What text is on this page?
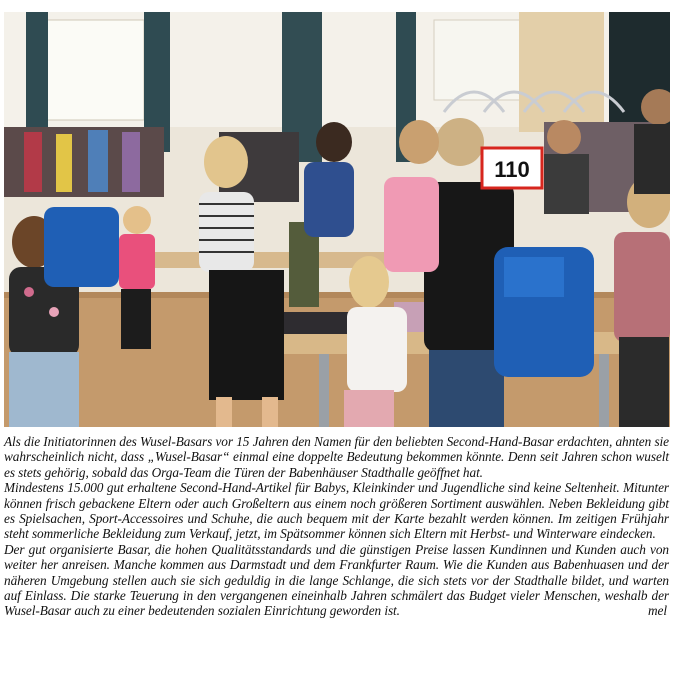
110

Als die Initiatorinnen des Wusel-Basars vor 15 Jahren den Namen für den beliebten Second-Hand-Basar erdachten, ahnten sie wahrscheinlich nicht, dass „Wusel-Basar“ einmal eine doppelte Bedeutung bekommen könnte. Denn seit Jahren schon wuselt es stets gehörig, sobald das Orga-Team die Türen der Babenhäuser Stadthalle geöffnet hat.

Mindestens 15.000 gut erhaltene Second-Hand-Artikel für Babys, Kleinkinder und Jugendliche sind keine Seltenheit. Mitunter können frisch gebackene Eltern oder auch Großeltern aus einem noch größeren Sortiment auswählen. Neben Bekleidung gibt es Spielsachen, Sport-Accessoires und Schuhe, die auch bequem mit der Karte bezahlt werden können. Im zeitigen Frühjahr steht sommerliche Bekleidung zum Verkauf, jetzt, im Spätsommer können sich Eltern mit Herbst- und Winterware eindecken.

Der gut organisierte Basar, die hohen Qualitätsstandards und die günstigen Preise lassen Kundinnen und Kunden auch von weiter her anreisen. Manche kommen aus Darmstadt und dem Frankfurter Raum. Wie die Kunden aus Babenhuasen und der näheren Umgebung stellen auch sie sich geduldig in die lange Schlange, die sich stets vor der Stadthalle bildet, und warten auf Einlass. Die starke Teuerung in den vergangenen eineinhalb Jahren schmälert das Budget vieler Menschen, weshalb der Wusel-Basar auch zu einer bedeutenden sozialen Einrichtung geworden ist.	mel
